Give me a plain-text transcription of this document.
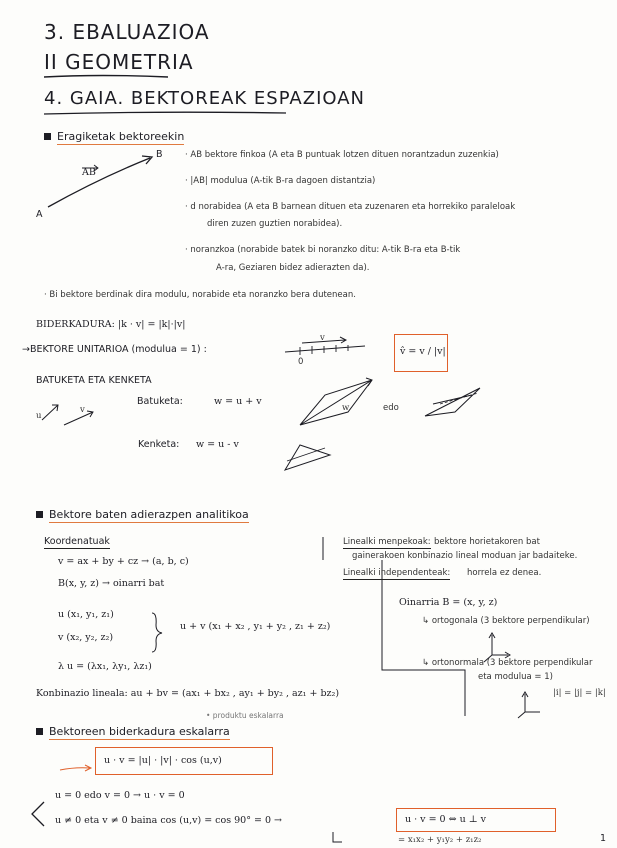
3. EBALUAZIOA
II GEOMETRIA
4. GAIA. BEKTOREAK ESPAZIOAN
Eragiketak bektoreekin
AB
A
B	· AB bektore finkoa (A eta B puntuak lotzen dituen norantzadun zuzenkia)
· |AB| modulua (A-tik B-ra dagoen distantzia)
· d norabidea (A eta B barnean dituen eta zuzenaren eta horrekiko paraleloak
diren zuzen guztien norabidea).
· noranzkoa (norabide batek bi noranzko ditu: A-tik B-ra eta B-tik
A-ra, Geziaren bidez adierazten da).
· Bi bektore berdinak dira modulu, norabide eta noranzko bera dutenean.
BIDERKADURA: |k · v| = |k|·|v|
→BEKTORE UNITARIOA (modulua = 1) :
0
v̂ = v / |v|
BATUKETA ETA KENKETA
Batuketa:	w = u + v
edo
Kenketa: w = u - v
u
v
v
w
Bektore baten adierazpen analitikoa
Koordenatuak
v = ax + by + cz → (a, b, c)
B(x, y, z) → oinarri bat
u (x₁, y₁, z₁)
v (x₂, y₂, z₂)
u + v (x₁ + x₂ , y₁ + y₂ , z₁ + z₂)
λ u = (λx₁, λy₁, λz₁)
Konbinazio lineala: au + bv = (ax₁ + bx₂ , ay₁ + by₂ , az₁ + bz₂)
Linealki menpekoak: bektore horietakoren bat
gainerakoen konbinazio lineal moduan jar badaiteke.
Linealki independenteak: horrela ez denea.
Oinarria B = (x, y, z)
↳ ortogonala (3 bektore perpendikular)
↳ ortonormala (3 bektore perpendikular
eta modulua = 1)
|i| = |j| = |k|
Bektoreen biderkadura eskalarra
• produktu eskalarra
u · v = |u| · |v| · cos (u,v)
u = 0 edo v = 0 → u · v = 0
u ≠ 0 eta v ≠ 0 baina cos (u,v) = cos 90° = 0 →	u · v = 0 ⇔ u ⊥ v
= x₁x₂ + y₁y₂ + z₁z₂	1
